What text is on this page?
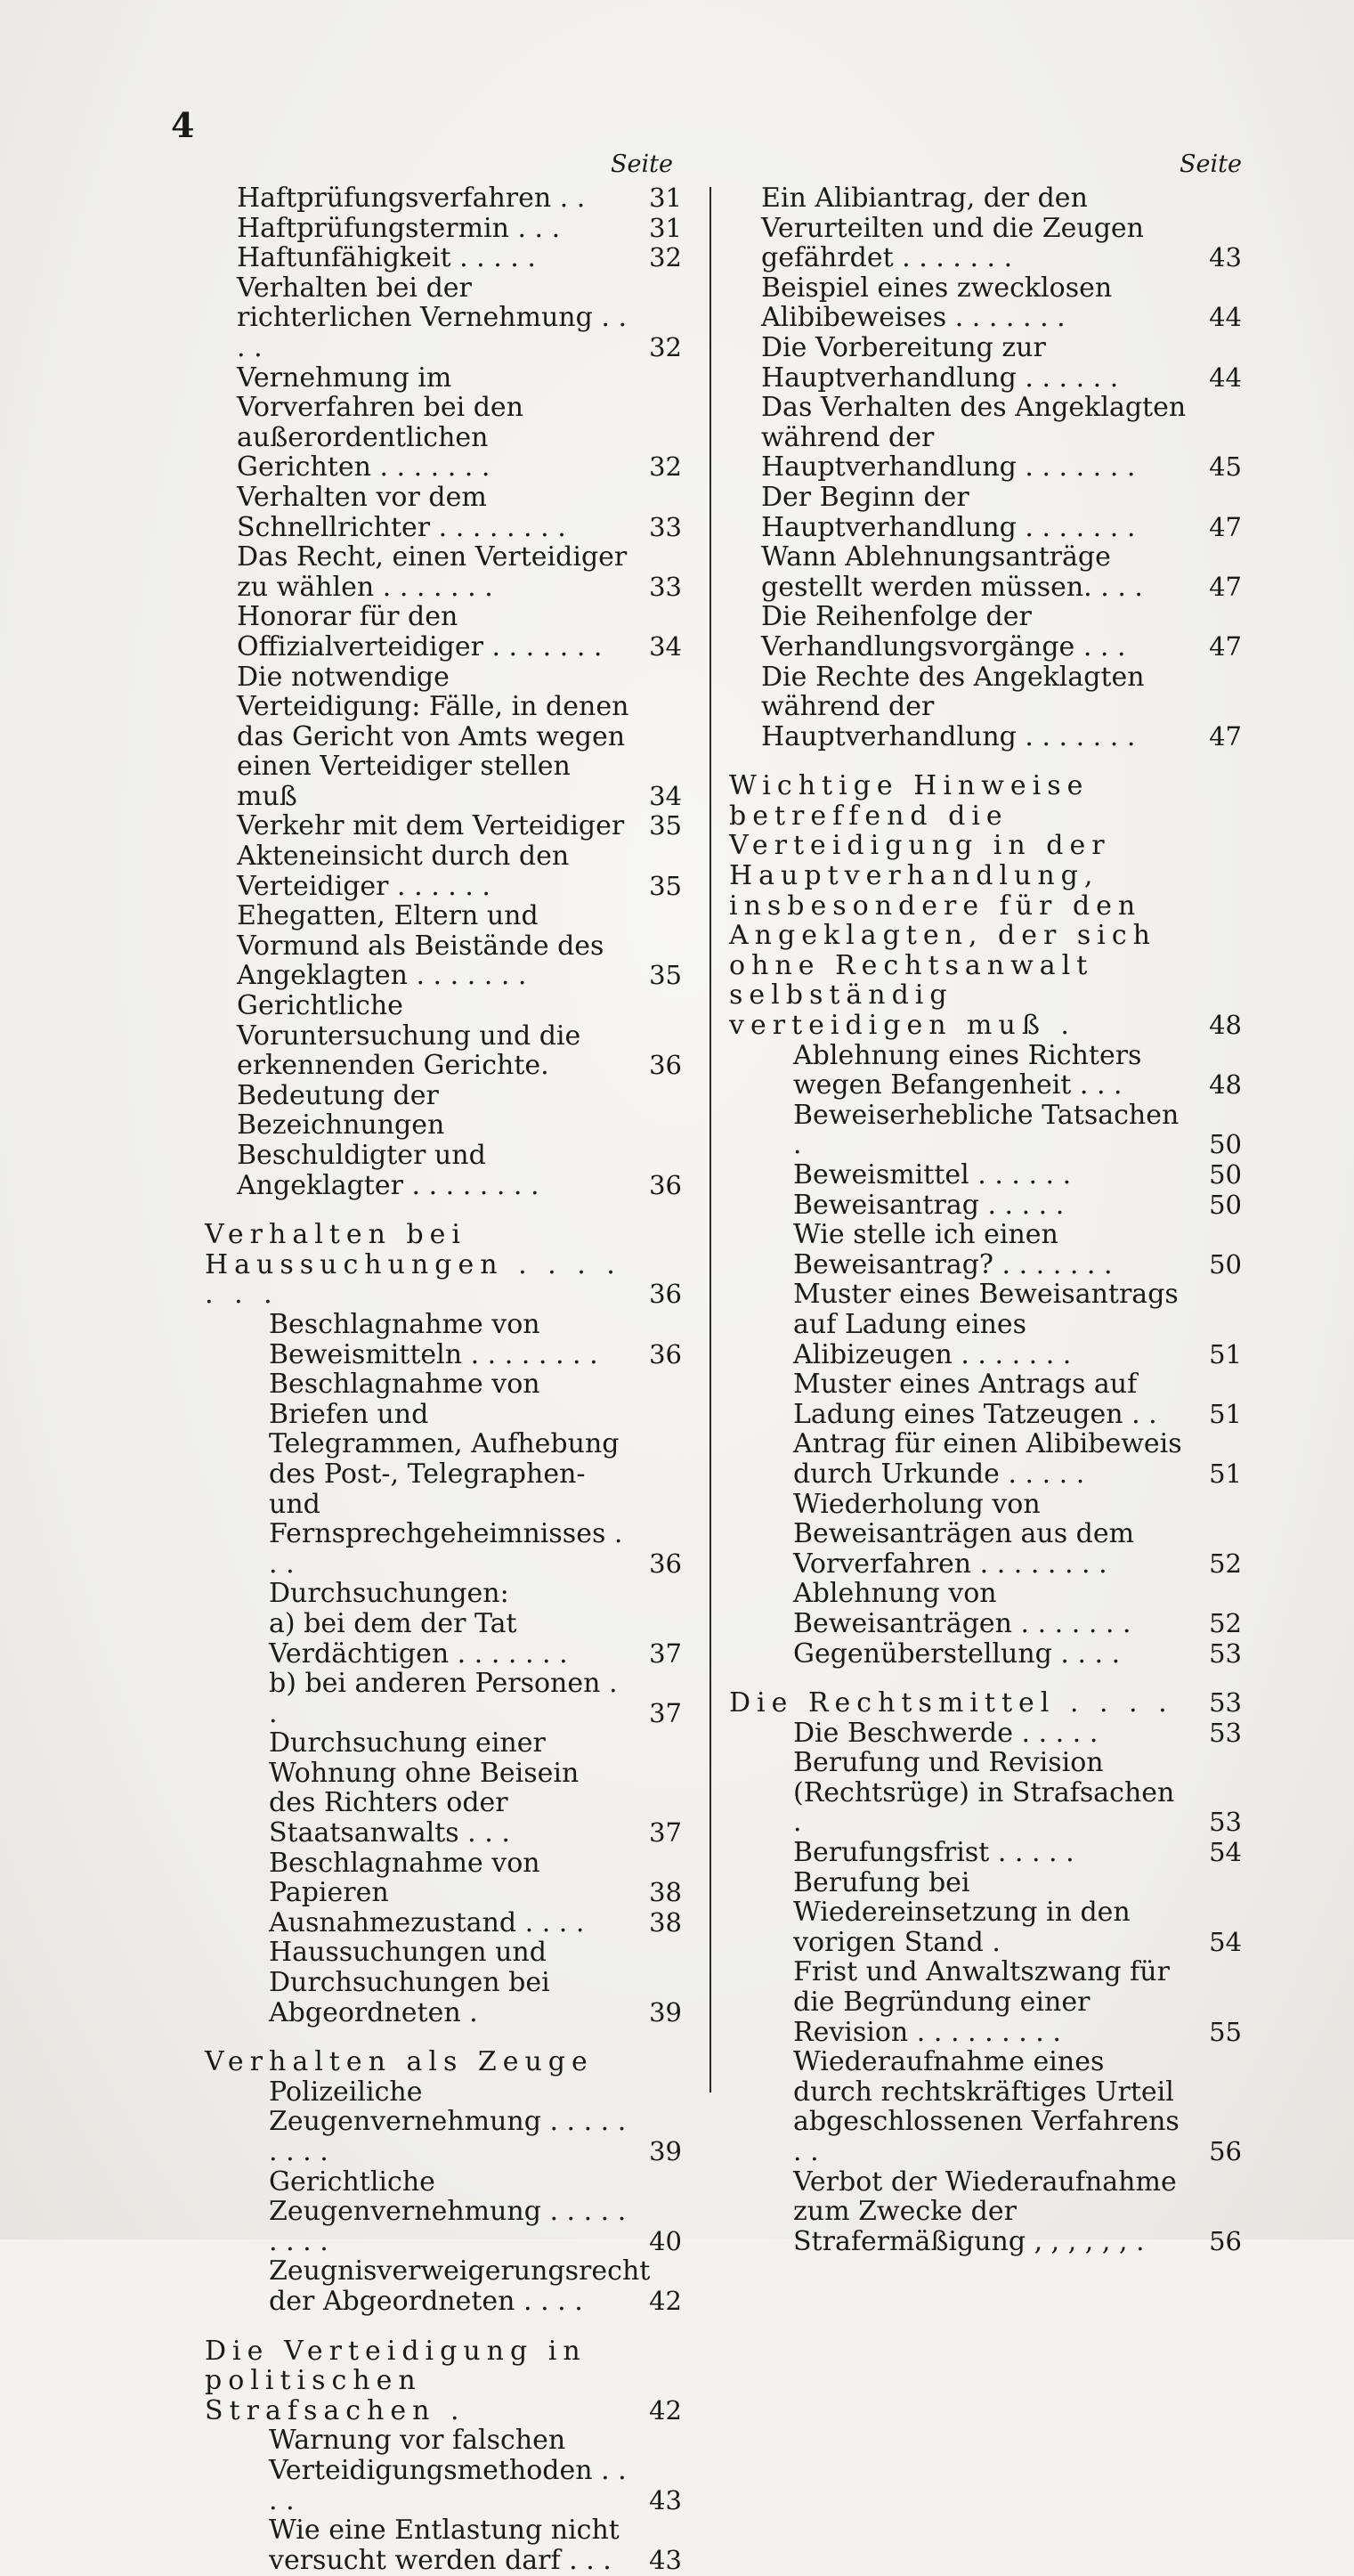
4
Seite
Haftprüfungsverfahren . .	31
Haftprüfungstermin . . .	31
Haftunfähigkeit . . . . .	32
Verhalten bei der richterlichen Vernehmung . . . .	32
Vernehmung im Vorverfahren bei den außerordentlichen Gerichten . . . . . . .	32
Verhalten vor dem Schnellrichter . . . . . . . .	33
Das Recht, einen Verteidiger zu wählen . . . . . . .	33
Honorar für den Offizialverteidiger . . . . . . .	34
Die notwendige Verteidigung: Fälle, in denen das Gericht von Amts wegen einen Verteidiger stellen muß	34
Verkehr mit dem Verteidiger 35
Akteneinsicht durch den Verteidiger . . . . . .	35
Ehegatten, Eltern und Vormund als Beistände des Angeklagten . . . . . . .	35
Gerichtliche Voruntersuchung und die erkennenden Gerichte.	36
Bedeutung der Bezeichnungen Beschuldigter und Angeklagter . . . . . . . .	36
Verhalten bei Haussuchungen . . . . . . .	36
Beschlagnahme von Beweismitteln . . . . . . . .	36
Beschlagnahme von Briefen und Telegrammen, Aufhebung des Post-, Telegraphen- und Fernsprechgeheimnisses . . .	36
Durchsuchungen:
a) bei dem der Tat Verdächtigen . . . . . . .	37
b) bei anderen Personen . .	37
Durchsuchung einer Wohnung ohne Beisein des Richters oder Staatsanwalts . . .	37
Beschlagnahme von Papieren	38
Ausnahmezustand . . . .	38
Haussuchungen und Durchsuchungen bei Abgeordneten .	39
Verhalten als Zeuge
Polizeiliche Zeugenvernehmung . . . . . . . . .	39
Gerichtliche Zeugenvernehmung . . . . . . . . .	40
Zeugnisverweigerungsrecht der Abgeordneten . . . .	42
Die Verteidigung in politischen Strafsachen .	42
Warnung vor falschen Verteidigungsmethoden . . . .	43
Wie eine Entlastung nicht versucht werden darf . . .	43
Seite
Ein Alibiantrag, der den Verurteilten und die Zeugen gefährdet . . . . . . .	43
Beispiel eines zwecklosen Alibibeweises . . . . . . .	44
Die Vorbereitung zur Hauptverhandlung . . . . . .	44
Das Verhalten des Angeklagten während der Hauptverhandlung . . . . . . .	45
Der Beginn der Hauptverhandlung . . . . . . .	47
Wann Ablehnungsanträge gestellt werden müssen. . . .	47
Die Reihenfolge der Verhandlungsvorgänge . . .	47
Die Rechte des Angeklagten während der Hauptverhandlung . . . . . . .	47
Wichtige Hinweise betreffend die Verteidigung in der Hauptverhandlung, insbesondere für den Angeklagten, der sich ohne Rechtsanwalt selbständig verteidigen muß .	48
Ablehnung eines Richters wegen Befangenheit . . .	48
Beweiserhebliche Tatsachen .	50
Beweismittel . . . . . .	50
Beweisantrag . . . . .	50
Wie stelle ich einen Beweisantrag? . . . . . . .	50
Muster eines Beweisantrags auf Ladung eines Alibizeugen . . . . . . .	51
Muster eines Antrags auf Ladung eines Tatzeugen . .	51
Antrag für einen Alibibeweis durch Urkunde . . . . .	51
Wiederholung von Beweisanträgen aus dem Vorverfahren . . . . . . . .	52
Ablehnung von Beweisanträgen . . . . . . .	52
Gegenüberstellung . . . .	53
Die Rechtsmittel . . . .	53
Die Beschwerde . . . . .	53
Berufung und Revision (Rechtsrüge) in Strafsachen .	53
Berufungsfrist . . . . .	54
Berufung bei Wiedereinsetzung in den vorigen Stand .	54
Frist und Anwaltszwang für die Begründung einer Revision . . . . . . . . .	55
Wiederaufnahme eines durch rechtskräftiges Urteil abgeschlossenen Verfahrens . .	56
Verbot der Wiederaufnahme zum Zwecke der Strafermäßigung , , , , , , .	56
